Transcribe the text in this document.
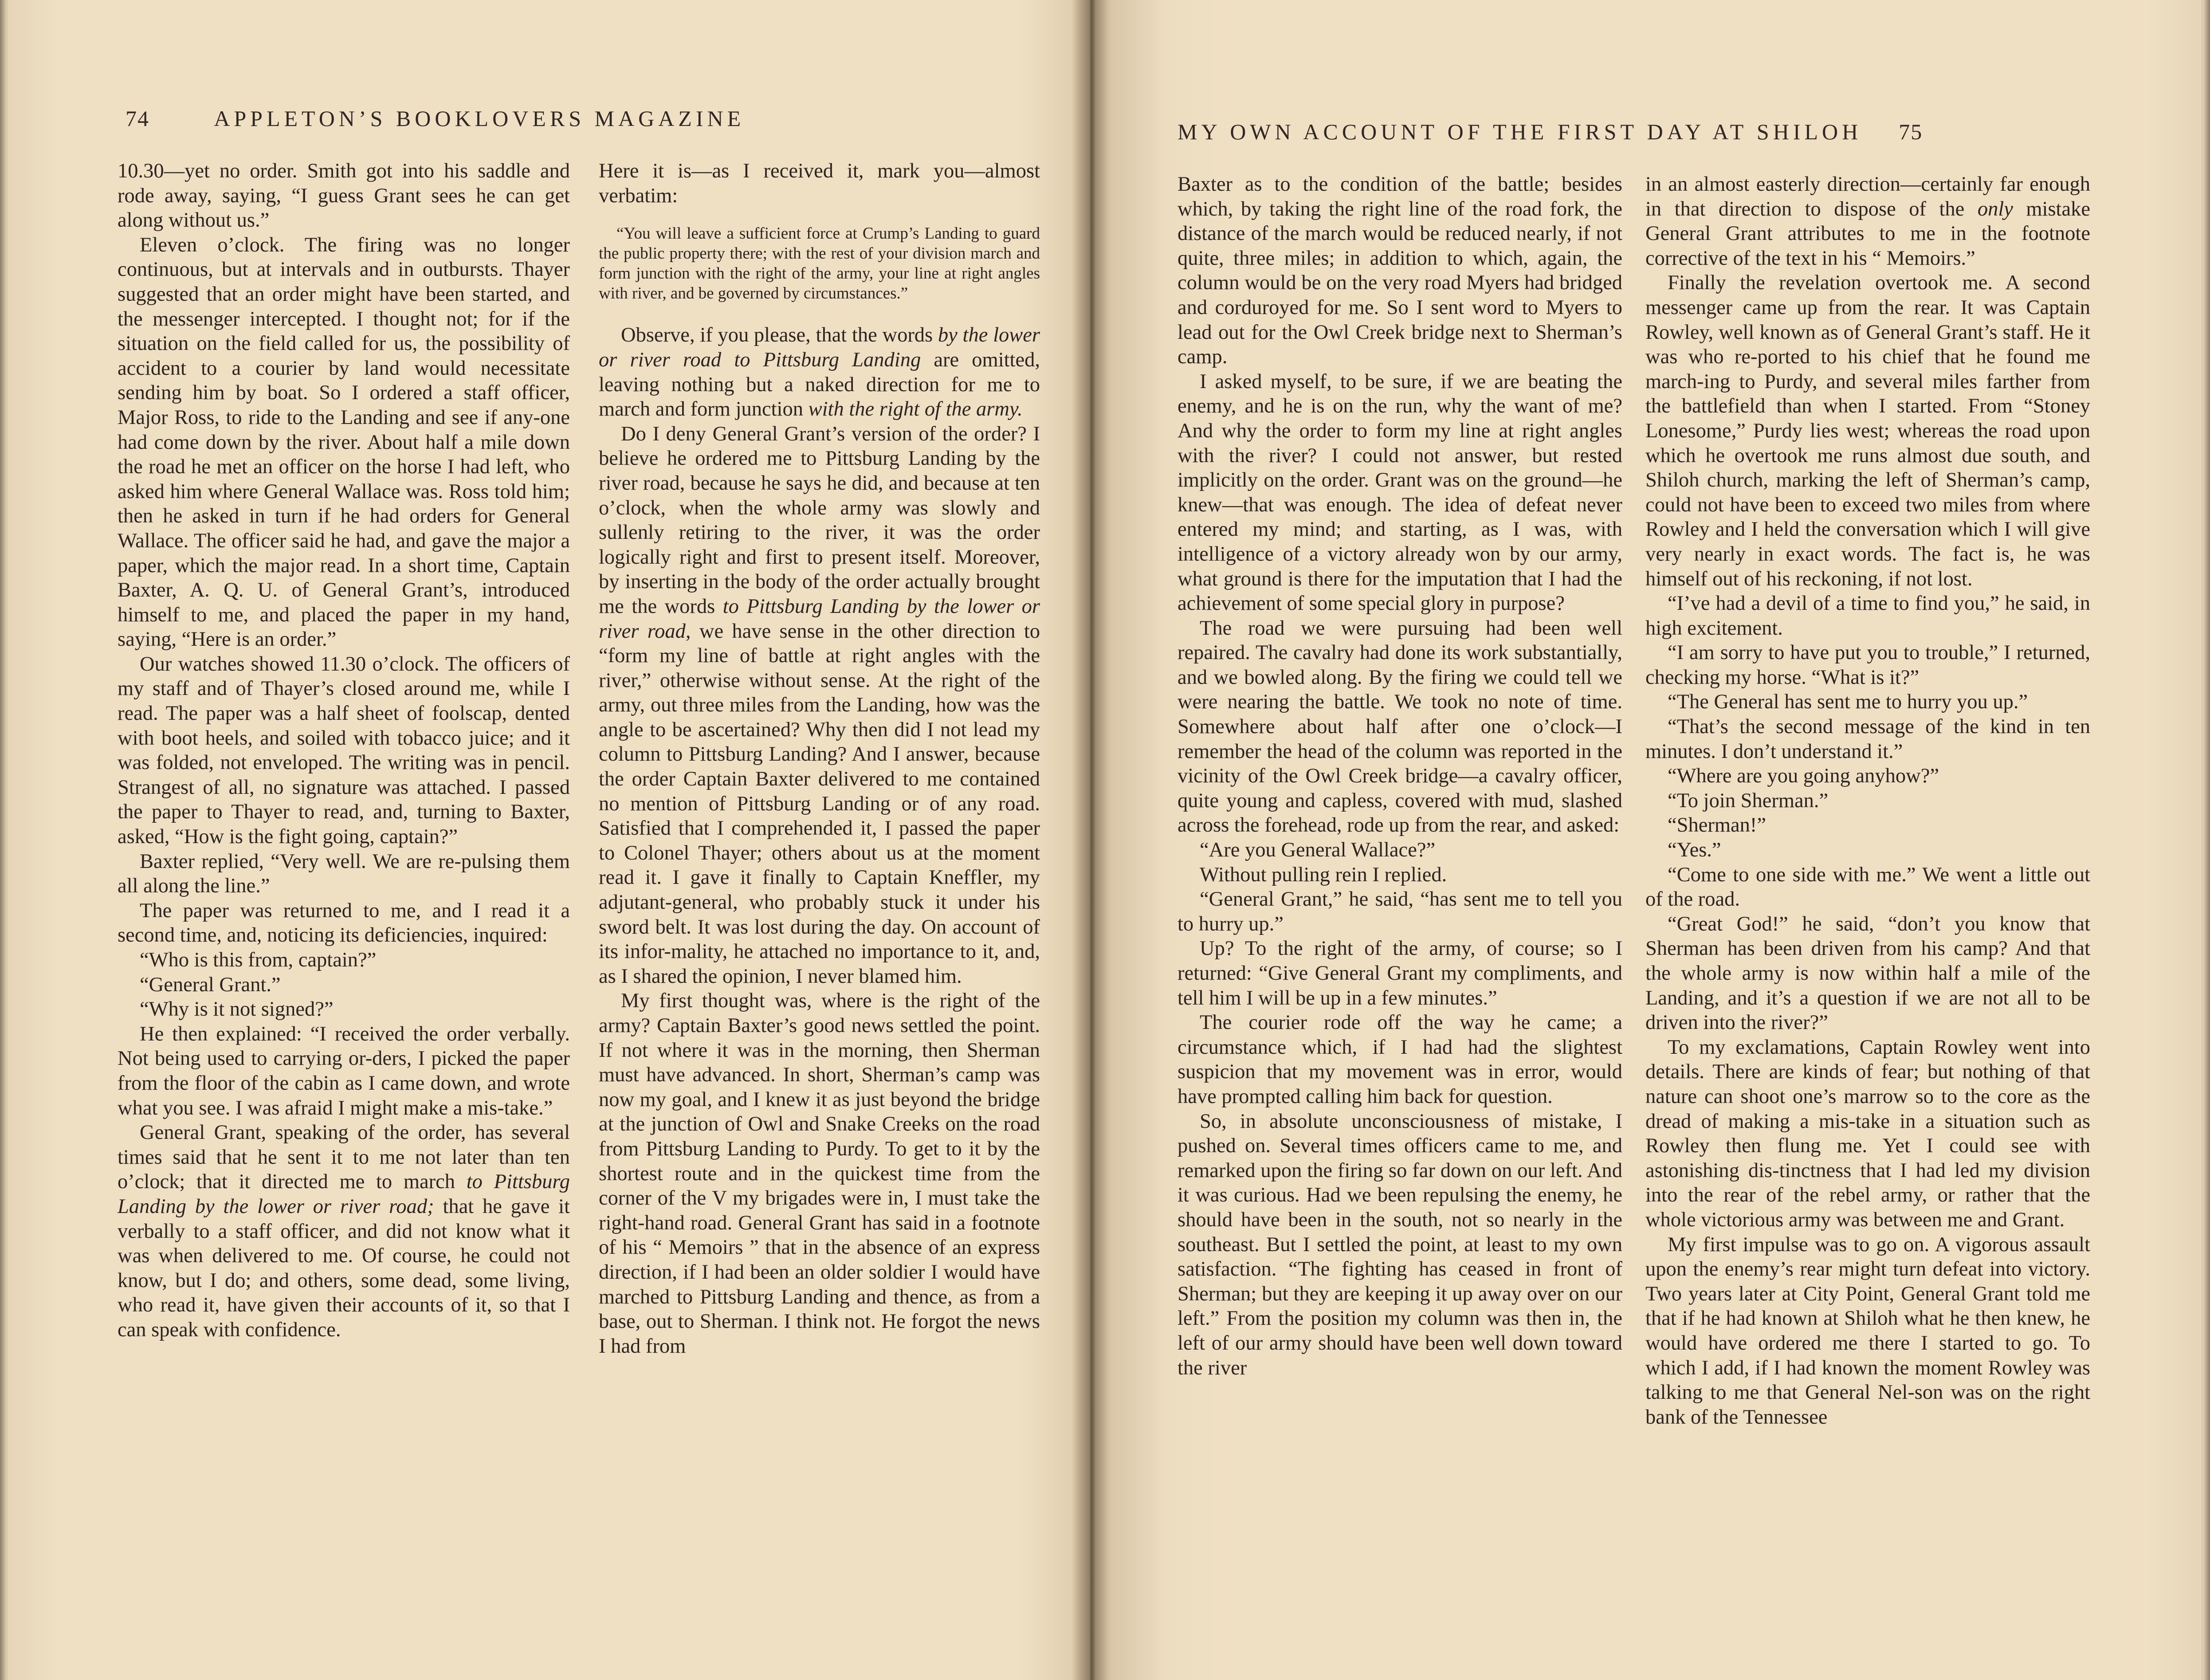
74	APPLETON’S BOOKLOVERS MAGAZINE
MY OWN ACCOUNT OF THE FIRST DAY AT SHILOH 75

10.30—yet no order. Smith got into his saddle and rode away, saying, “I guess Grant sees he can get along without us.”

Eleven o’clock. The firing was no longer continuous, but at intervals and in outbursts. Thayer suggested that an order might have been started, and the messenger intercepted. I thought not; for if the situation on the field called for us, the possibility of accident to a courier by land would necessitate sending him by boat. So I ordered a staff officer, Major Ross, to ride to the Landing and see if any-one had come down by the river. About half a mile down the road he met an officer on the horse I had left, who asked him where General Wallace was. Ross told him; then he asked in turn if he had orders for General Wallace. The officer said he had, and gave the major a paper, which the major read. In a short time, Captain Baxter, A. Q. U. of General Grant’s, introduced himself to me, and placed the paper in my hand, saying, “Here is an order.”

Our watches showed 11.30 o’clock. The officers of my staff and of Thayer’s closed around me, while I read. The paper was a half sheet of foolscap, dented with boot heels, and soiled with tobacco juice; and it was folded, not enveloped. The writing was in pencil. Strangest of all, no signature was attached. I passed the paper to Thayer to read, and, turning to Baxter, asked, “How is the fight going, captain?”

Baxter replied, “Very well. We are re-pulsing them all along the line.”

The paper was returned to me, and I read it a second time, and, noticing its deficiencies, inquired:

“Who is this from, captain?”

“General Grant.”

“Why is it not signed?”

He then explained: “I received the order verbally. Not being used to carrying or-ders, I picked the paper from the floor of the cabin as I came down, and wrote what you see. I was afraid I might make a mis-take.”

General Grant, speaking of the order, has several times said that he sent it to me not later than ten o’clock; that it directed me to march to Pittsburg Landing by the lower or river road; that he gave it verbally to a staff officer, and did not know what it was when delivered to me. Of course, he could not know, but I do; and others, some dead, some living, who read it, have given their accounts of it, so that I can speak with confidence.

Here it is—as I received it, mark you—almost verbatim:

“You will leave a sufficient force at Crump’s Landing to guard the public property there; with the rest of your division march and form junction with the right of the army, your line at right angles with river, and be governed by circumstances.”

Observe, if you please, that the words by the lower or river road to Pittsburg Landing are omitted, leaving nothing but a naked direction for me to march and form junction with the right of the army.

Do I deny General Grant’s version of the order? I believe he ordered me to Pittsburg Landing by the river road, because he says he did, and because at ten o’clock, when the whole army was slowly and sullenly retiring to the river, it was the order logically right and first to present itself. Moreover, by inserting in the body of the order actually brought me the words to Pittsburg Landing by the lower or river road, we have sense in the other direction to “form my line of battle at right angles with the river,” otherwise without sense. At the right of the army, out three miles from the Landing, how was the angle to be ascertained? Why then did I not lead my column to Pittsburg Landing? And I answer, because the order Captain Baxter delivered to me contained no mention of Pittsburg Landing or of any road. Satisfied that I comprehended it, I passed the paper to Colonel Thayer; others about us at the moment read it. I gave it finally to Captain Kneffler, my adjutant-general, who probably stuck it under his sword belt. It was lost during the day. On account of its infor-mality, he attached no importance to it, and, as I shared the opinion, I never blamed him.

My first thought was, where is the right of the army? Captain Baxter’s good news settled the point. If not where it was in the morning, then Sherman must have advanced. In short, Sherman’s camp was now my goal, and I knew it as just beyond the bridge at the junction of Owl and Snake Creeks on the road from Pittsburg Landing to Purdy. To get to it by the shortest route and in the quickest time from the corner of the V my brigades were in, I must take the right-hand road. General Grant has said in a footnote of his “ Memoirs ” that in the absence of an express direction, if I had been an older soldier I would have marched to Pittsburg Landing and thence, as from a base, out to Sherman. I think not. He forgot the news I had from

Baxter as to the condition of the battle; besides which, by taking the right line of the road fork, the distance of the march would be reduced nearly, if not quite, three miles; in addition to which, again, the column would be on the very road Myers had bridged and corduroyed for me. So I sent word to Myers to lead out for the Owl Creek bridge next to Sherman’s camp.

I asked myself, to be sure, if we are beating the enemy, and he is on the run, why the want of me? And why the order to form my line at right angles with the river? I could not answer, but rested implicitly on the order. Grant was on the ground—he knew—that was enough. The idea of defeat never entered my mind; and starting, as I was, with intelligence of a victory already won by our army, what ground is there for the imputation that I had the achievement of some special glory in purpose?

The road we were pursuing had been well repaired. The cavalry had done its work substantially, and we bowled along. By the firing we could tell we were nearing the battle. We took no note of time. Somewhere about half after one o’clock—I remember the head of the column was reported in the vicinity of the Owl Creek bridge—a cavalry officer, quite young and capless, covered with mud, slashed across the forehead, rode up from the rear, and asked:

“Are you General Wallace?”

Without pulling rein I replied.

“General Grant,” he said, “has sent me to tell you to hurry up.”

Up? To the right of the army, of course; so I returned: “Give General Grant my compliments, and tell him I will be up in a few minutes.”

The courier rode off the way he came; a circumstance which, if I had had the slightest suspicion that my movement was in error, would have prompted calling him back for question.

So, in absolute unconsciousness of mistake, I pushed on. Several times officers came to me, and remarked upon the firing so far down on our left. And it was curious. Had we been repulsing the enemy, he should have been in the south, not so nearly in the southeast. But I settled the point, at least to my own satisfaction. “The fighting has ceased in front of Sherman; but they are keeping it up away over on our left.” From the position my column was then in, the left of our army should have been well down toward the river

in an almost easterly direction—certainly far enough in that direction to dispose of the only mistake General Grant attributes to me in the footnote corrective of the text in his “ Memoirs.”

Finally the revelation overtook me. A second messenger came up from the rear. It was Captain Rowley, well known as of General Grant’s staff. He it was who re-ported to his chief that he found me march-ing to Purdy, and several miles farther from the battlefield than when I started. From “Stoney Lonesome,” Purdy lies west; whereas the road upon which he overtook me runs almost due south, and Shiloh church, marking the left of Sherman’s camp, could not have been to exceed two miles from where Rowley and I held the conversation which I will give very nearly in exact words. The fact is, he was himself out of his reckoning, if not lost.

“I’ve had a devil of a time to find you,” he said, in high excitement.

“I am sorry to have put you to trouble,” I returned, checking my horse. “What is it?”

“The General has sent me to hurry you up.”

“That’s the second message of the kind in ten minutes. I don’t understand it.”

“Where are you going anyhow?”

“To join Sherman.”

“Sherman!”

“Yes.”

“Come to one side with me.” We went a little out of the road.

“Great God!” he said, “don’t you know that Sherman has been driven from his camp? And that the whole army is now within half a mile of the Landing, and it’s a question if we are not all to be driven into the river?”

To my exclamations, Captain Rowley went into details. There are kinds of fear; but nothing of that nature can shoot one’s marrow so to the core as the dread of making a mis-take in a situation such as Rowley then flung me. Yet I could see with astonishing dis-tinctness that I had led my division into the rear of the rebel army, or rather that the whole victorious army was between me and Grant.

My first impulse was to go on. A vigorous assault upon the enemy’s rear might turn defeat into victory. Two years later at City Point, General Grant told me that if he had known at Shiloh what he then knew, he would have ordered me there I started to go. To which I add, if I had known the moment Rowley was talking to me that General Nel-son was on the right bank of the Tennessee
